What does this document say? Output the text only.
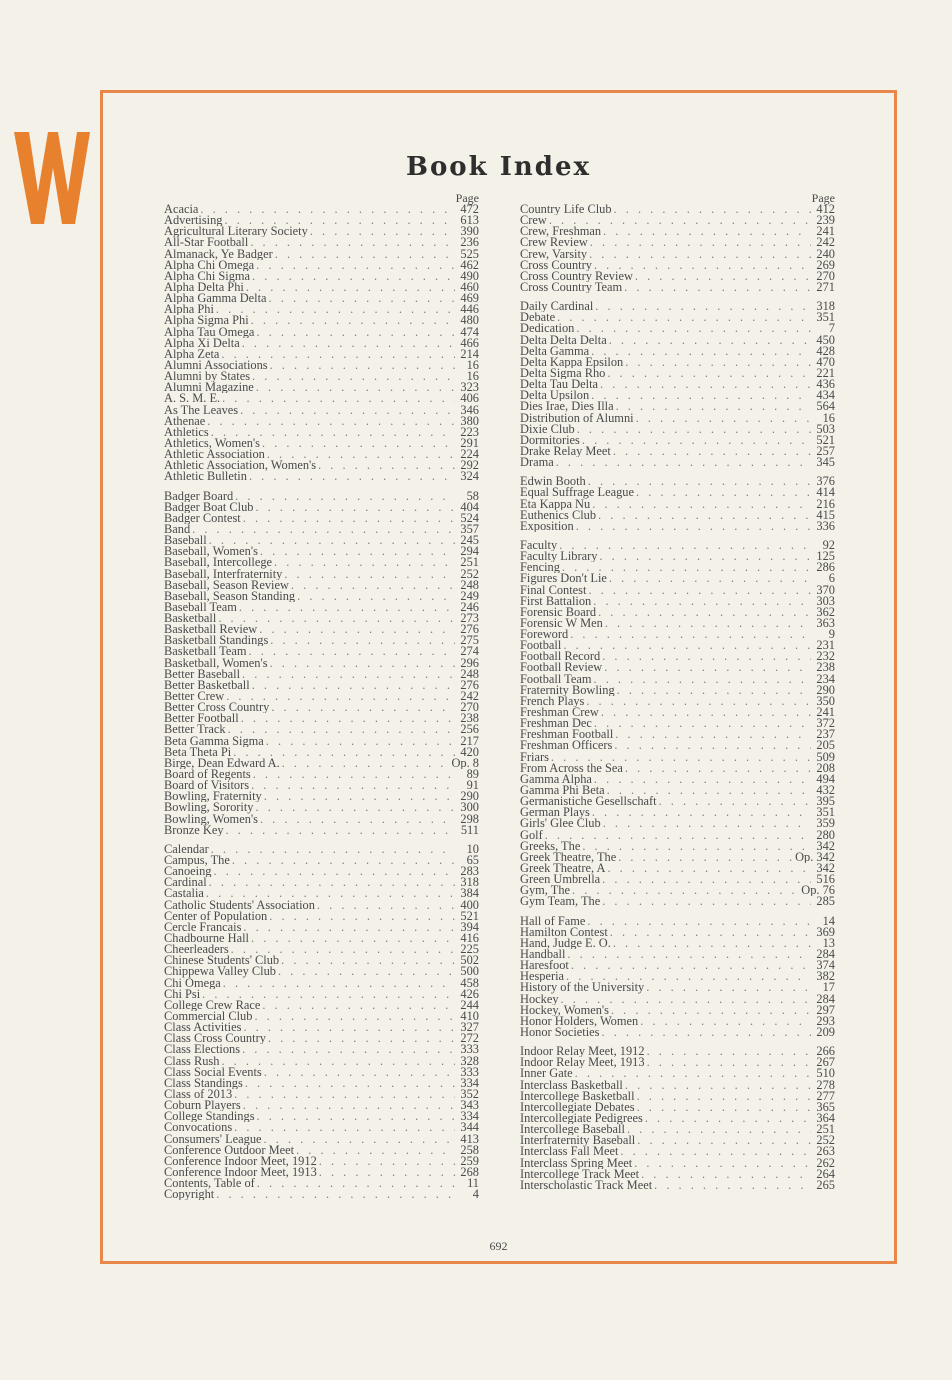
Book Index
Page
Acacia . . .	472
Advertising . . .	613
Agricultural Literary Society . . .	390
All-Star Football . . .	236
Almanack, Ye Badger . . .	525
Alpha Chi Omega . . .	462
Alpha Chi Sigma . . .	490
Alpha Delta Phi . . .	460
Alpha Gamma Delta . . .	469
Alpha Phi . . .	446
Alpha Sigma Phi . . .	480
Alpha Tau Omega . . .	474
Alpha Xi Delta . . .	466
Alpha Zeta . . .	214
Alumni Associations . . .	16
Alumni by States . . .	16
Alumni Magazine . . .	323
A. S. M. E. . . .	406
As The Leaves . . .	346
Athenae . . .	380
Athletics . . .	223
Athletics, Women's . . .	291
Athletic Association . . .	224
Athletic Association, Women's . . .	292
Athletic Bulletin . . .	324
Badger Board . . .	58
Badger Boat Club . . .	404
Badger Contest . . .	524
Band . . .	357
Baseball . . .	245
Baseball, Women's . . .	294
Baseball, Intercollege . . .	251
Baseball, Interfraternity . . .	252
Baseball, Season Review . . .	248
Baseball, Season Standing . . .	249
Baseball Team . . .	246
Basketball . . .	273
Basketball Review . . .	276
Basketball Standings . . .	275
Basketball Team . . .	274
Basketball, Women's . . .	296
Better Baseball . . .	248
Better Basketball . . .	276
Better Crew . . .	242
Better Cross Country . . .	270
Better Football . . .	238
Better Track . . .	256
Beta Gamma Sigma . . .	217
Beta Theta Pi . . .	420
Birge, Dean Edward A. . . .	Op. 8
Board of Regents . . .	89
Board of Visitors . . .	91
Bowling, Fraternity . . .	290
Bowling, Sorority . . .	300
Bowling, Women's . . .	298
Bronze Key . . .	511
Calendar . . .	10
Campus, The . . .	65
Canoeing . . .	283
Cardinal . . .	318
Castalia . . .	384
Catholic Students' Association . . .	400
Center of Population . . .	521
Cercle Francais . . .	394
Chadbourne Hall . . .	416
Cheerleaders . . .	225
Chinese Students' Club . . .	502
Chippewa Valley Club . . .	500
Chi Omega . . .	458
Chi Psi . . .	426
College Crew Race . . .	244
Commercial Club . . .	410
Class Activities . . .	327
Class Cross Country . . .	272
Class Elections . . .	333
Class Rush . . .	328
Class Social Events . . .	333
Class Standings . . .	334
Class of 2013 . . .	352
Coburn Players . . .	343
College Standings . . .	334
Convocations . . .	344
Consumers' League . . .	413
Conference Outdoor Meet . . .	258
Conference Indoor Meet, 1912 . . .	259
Conference Indoor Meet, 1913 . . .	268
Contents, Table of . . .	11
Copyright . . .	4
Page
Country Life Club . . .	412
Crew . . .	239
Crew, Freshman . . .	241
Crew Review . . .	242
Crew, Varsity . . .	240
Cross Country . . .	269
Cross Country Review . . .	270
Cross Country Team . . .	271
Daily Cardinal . . .	318
Debate . . .	351
Dedication . . .	7
Delta Delta Delta . . .	450
Delta Gamma . . .	428
Delta Kappa Epsilon . . .	470
Delta Sigma Rho . . .	221
Delta Tau Delta . . .	436
Delta Upsilon . . .	434
Dies Irae, Dies Illa . . .	564
Distribution of Alumni . . .	16
Dixie Club . . .	503
Dormitories . . .	521
Drake Relay Meet . . .	257
Drama . . .	345
Edwin Booth . . .	376
Equal Suffrage League . . .	414
Eta Kappa Nu . . .	216
Euthenics Club . . .	415
Exposition . . .	336
Faculty . . .	92
Faculty Library . . .	125
Fencing . . .	286
Figures Don't Lie . . .	6
Final Contest . . .	370
First Battalion . . .	303
Forensic Board . . .	362
Forensic W Men . . .	363
Foreword . . .	9
Football . . .	231
Football Record . . .	232
Football Review . . .	238
Football Team . . .	234
Fraternity Bowling . . .	290
French Plays . . .	350
Freshman Crew . . .	241
Freshman Dec . . .	372
Freshman Football . . .	237
Freshman Officers . . .	205
Friars . . .	509
From Across the Sea . . .	208
Gamma Alpha . . .	494
Gamma Phi Beta . . .	432
Germanistiche Gesellschaft . . .	395
German Plays . . .	351
Girls' Glee Club . . .	359
Golf . . .	280
Greeks, The . . .	342
Greek Theatre, The . . .	Op. 342
Greek Theatre, A . . .	342
Green Umbrella . . .	516
Gym, The . . .	Op. 76
Gym Team, The . . .	285
Hall of Fame . . .	14
Hamilton Contest . . .	369
Hand, Judge E. O. . . .	13
Handball . . .	284
Haresfoot . . .	374
Hesperia . . .	382
History of the University . . .	17
Hockey . . .	284
Hockey, Women's . . .	297
Honor Holders, Women . . .	293
Honor Societies . . .	209
Indoor Relay Meet, 1912 . . .	266
Indoor Relay Meet, 1913 . . .	267
Inner Gate . . .	510
Interclass Basketball . . .	278
Intercollege Basketball . . .	277
Intercollegiate Debates . . .	365
Intercollegiate Pedigrees . . .	364
Intercollege Baseball . . .	251
Interfraternity Baseball . . .	252
Interclass Fall Meet . . .	263
Interclass Spring Meet . . .	262
Intercollege Track Meet . . .	264
Interscholastic Track Meet . . .	265
692
